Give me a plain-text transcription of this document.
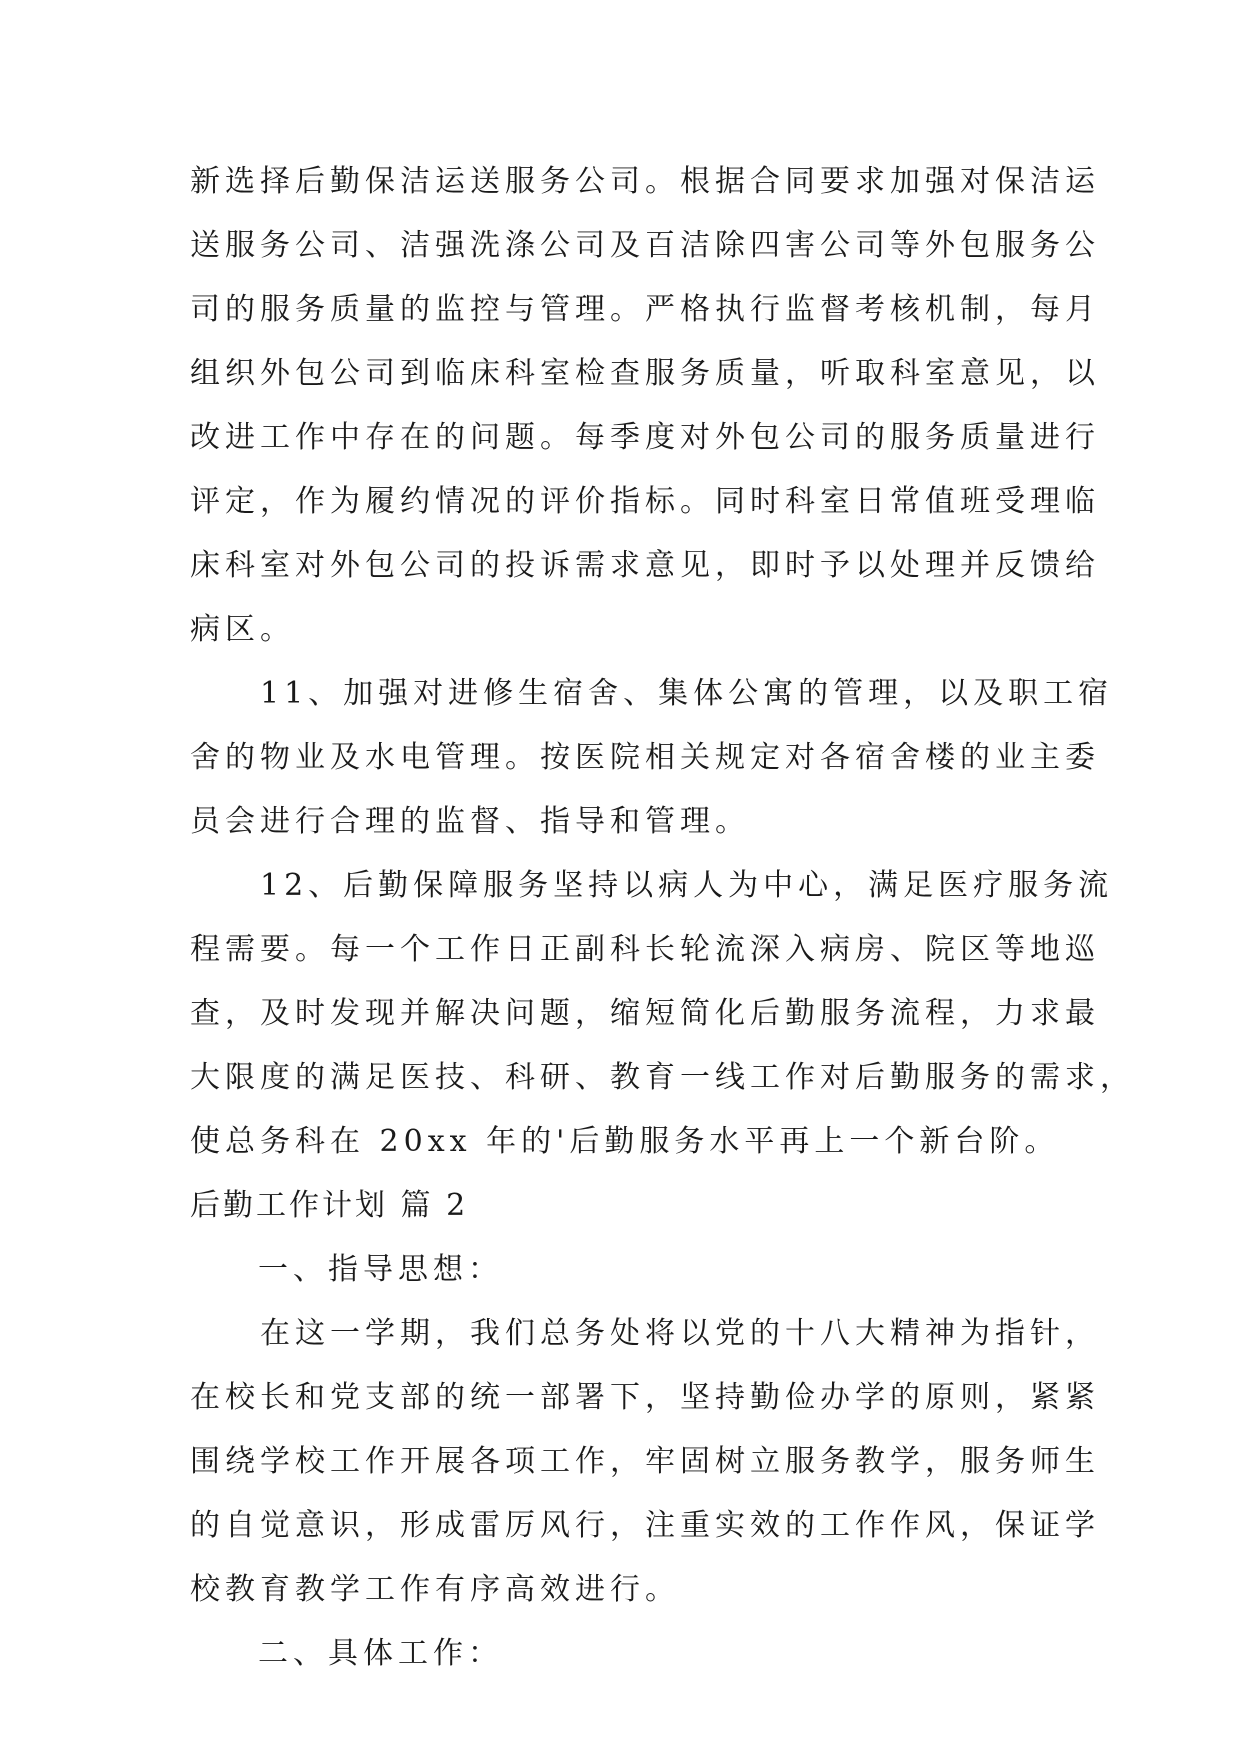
新选择后勤保洁运送服务公司。根据合同要求加强对保洁运
送服务公司、洁强洗涤公司及百洁除四害公司等外包服务公
司的服务质量的监控与管理。严格执行监督考核机制，每月
组织外包公司到临床科室检查服务质量，听取科室意见，以
改进工作中存在的问题。每季度对外包公司的服务质量进行
评定，作为履约情况的评价指标。同时科室日常值班受理临
床科室对外包公司的投诉需求意见，即时予以处理并反馈给
病区。
11、加强对进修生宿舍、集体公寓的管理，以及职工宿
舍的物业及水电管理。按医院相关规定对各宿舍楼的业主委
员会进行合理的监督、指导和管理。
12、后勤保障服务坚持以病人为中心，满足医疗服务流
程需要。每一个工作日正副科长轮流深入病房、院区等地巡
查，及时发现并解决问题，缩短简化后勤服务流程，力求最
大限度的满足医技、科研、教育一线工作对后勤服务的需求，
使总务科在 20xx 年的'后勤服务水平再上一个新台阶。
后勤工作计划 篇 2
一、指导思想：
在这一学期，我们总务处将以党的十八大精神为指针，
在校长和党支部的统一部署下，坚持勤俭办学的原则，紧紧
围绕学校工作开展各项工作，牢固树立服务教学，服务师生
的自觉意识，形成雷厉风行，注重实效的工作作风，保证学
校教育教学工作有序高效进行。
二、具体工作：
